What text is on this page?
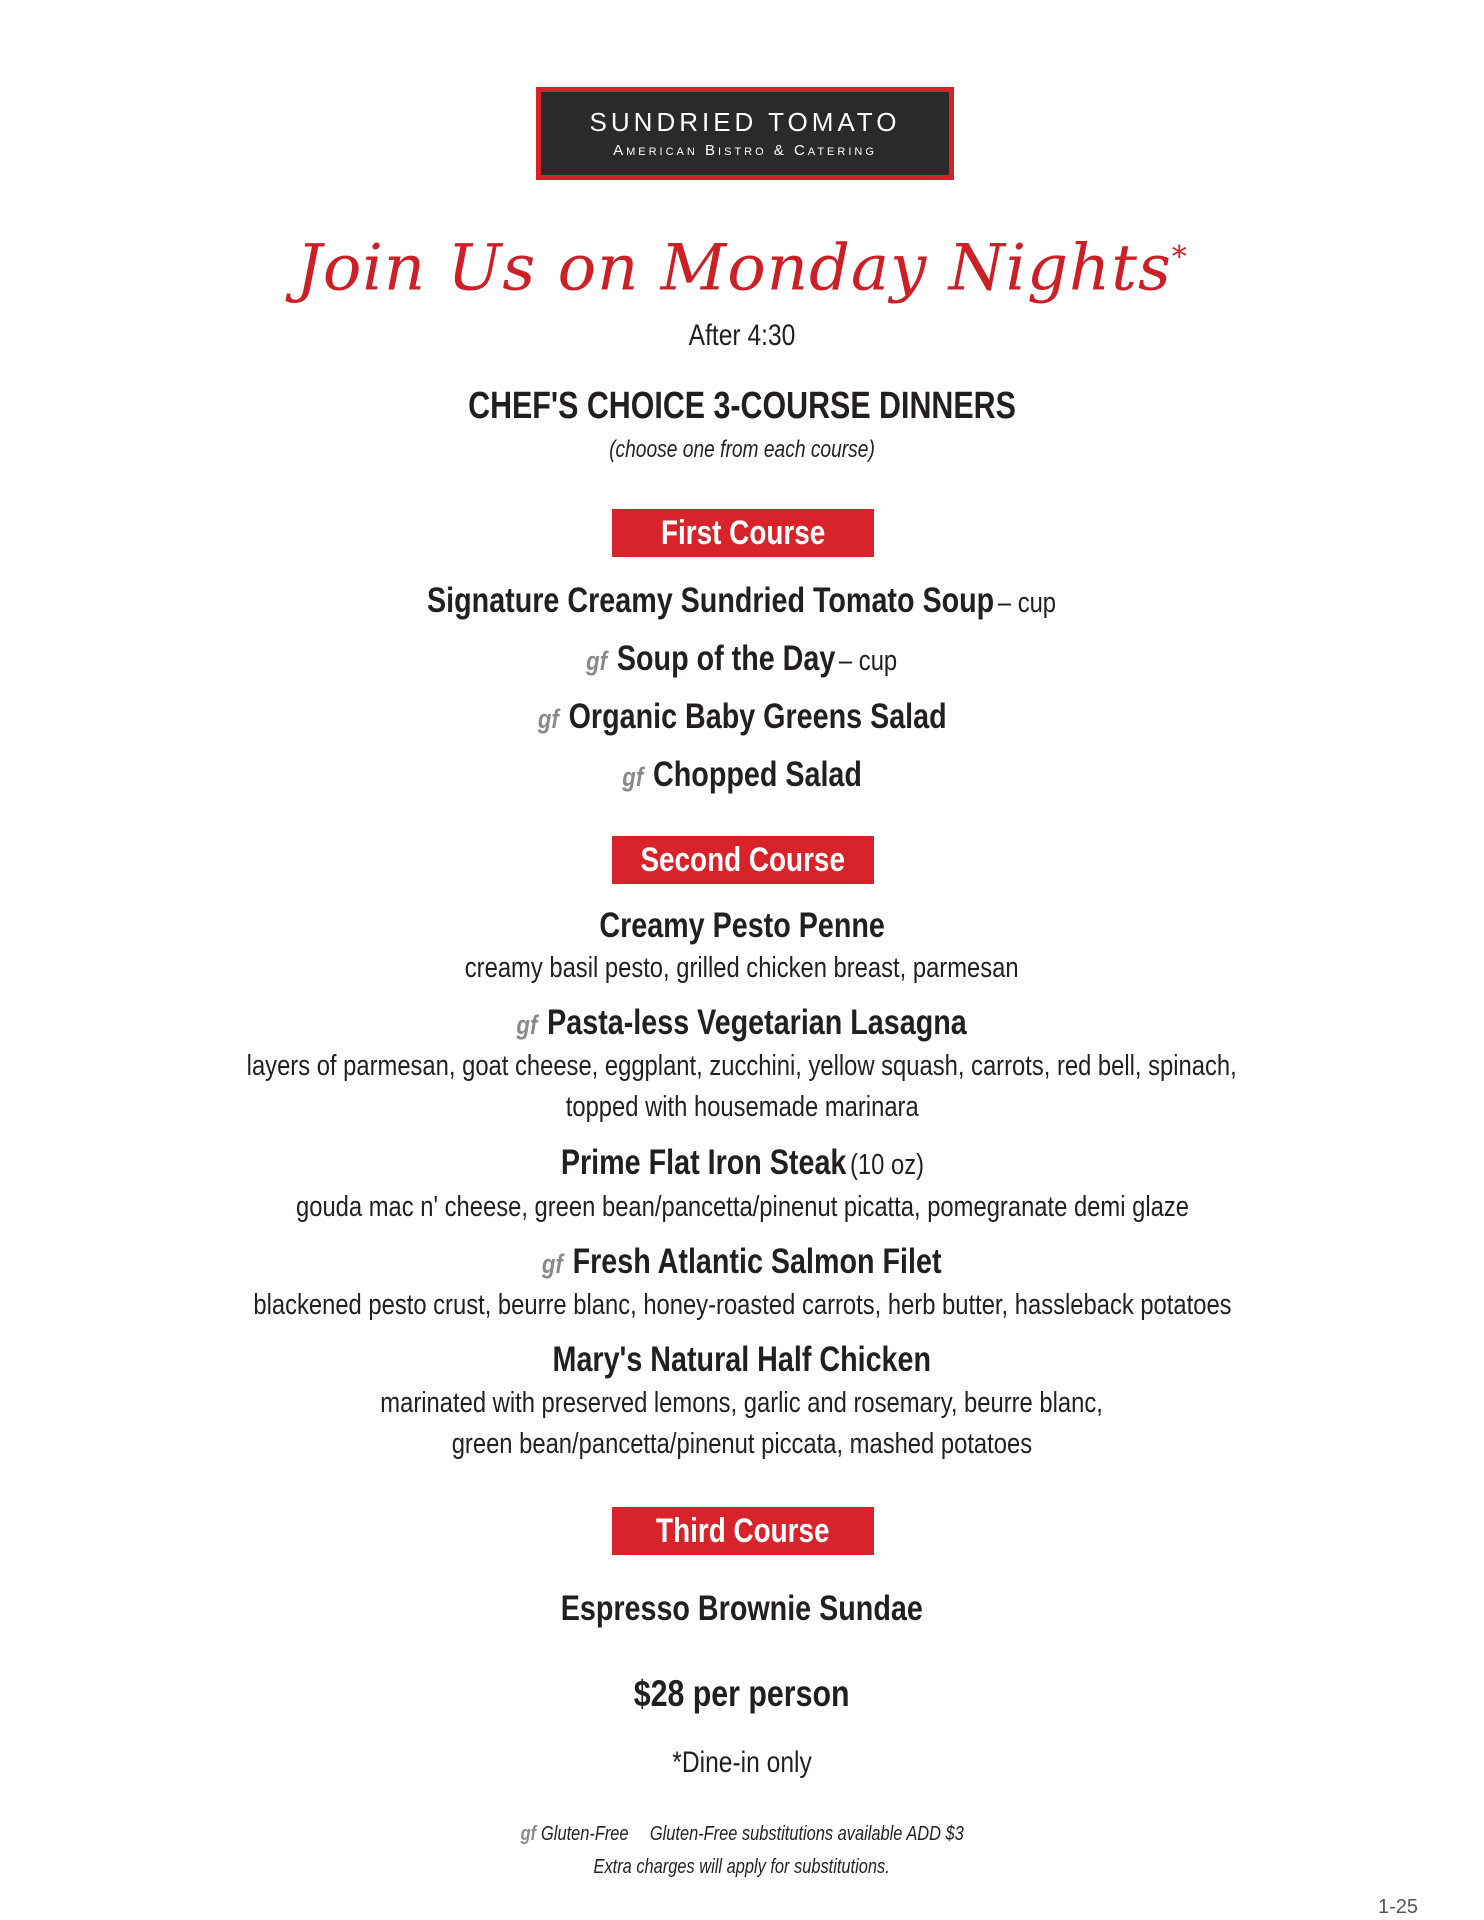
SUNDRIED TOMATO
American Bistro & Catering
Join Us on Monday Nights*
After 4:30
CHEF'S CHOICE 3-COURSE DINNERS
(choose one from each course)
First Course
Signature Creamy Sundried Tomato Soup – cup
gf Soup of the Day – cup
gf Organic Baby Greens Salad
gf Chopped Salad
Second Course
Creamy Pesto Penne
creamy basil pesto, grilled chicken breast, parmesan
gf Pasta-less Vegetarian Lasagna
layers of parmesan, goat cheese, eggplant, zucchini, yellow squash, carrots, red bell, spinach,
topped with housemade marinara
Prime Flat Iron Steak (10 oz)
gouda mac n' cheese, green bean/pancetta/pinenut picatta, pomegranate demi glaze
gf Fresh Atlantic Salmon Filet
blackened pesto crust, beurre blanc, honey-roasted carrots, herb butter, hassleback potatoes
Mary's Natural Half Chicken
marinated with preserved lemons, garlic and rosemary, beurre blanc,
green bean/pancetta/pinenut piccata, mashed potatoes
Third Course
Espresso Brownie Sundae
$28 per person
*Dine-in only
gf Gluten-Free Gluten-Free substitutions available ADD $3
Extra charges will apply for substitutions.
1-25
